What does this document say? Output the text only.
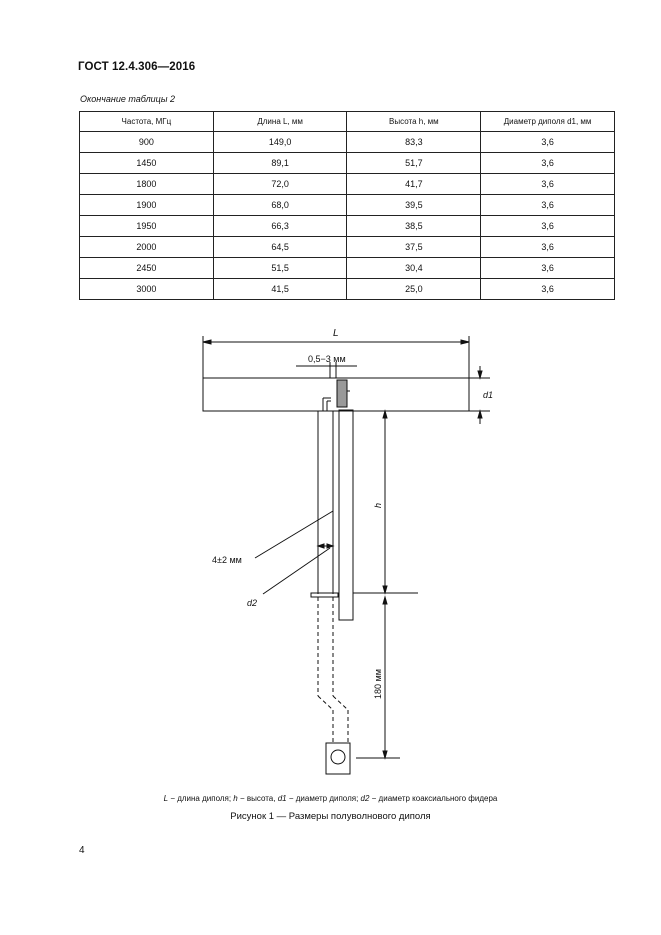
ГОСТ 12.4.306—2016
Окончание таблицы 2
Частота, МГц	Длина L, мм	Высота h, мм	Диаметр диполя d1, мм
900	149,0	83,3	3,6
1450	89,1	51,7	3,6
1800	72,0	41,7	3,6
1900	68,0	39,5	3,6
1950	66,3	38,5	3,6
2000	64,5	37,5	3,6
2450	51,5	30,4	3,6
3000	41,5	25,0	3,6
L
0,5−3 мм
d1
h
4±2 мм
d2
180 мм
L − длина диполя; h − высота, d1 − диаметр диполя; d2 − диаметр коаксиального фидера
Рисунок 1 — Размеры полуволнового диполя
4
